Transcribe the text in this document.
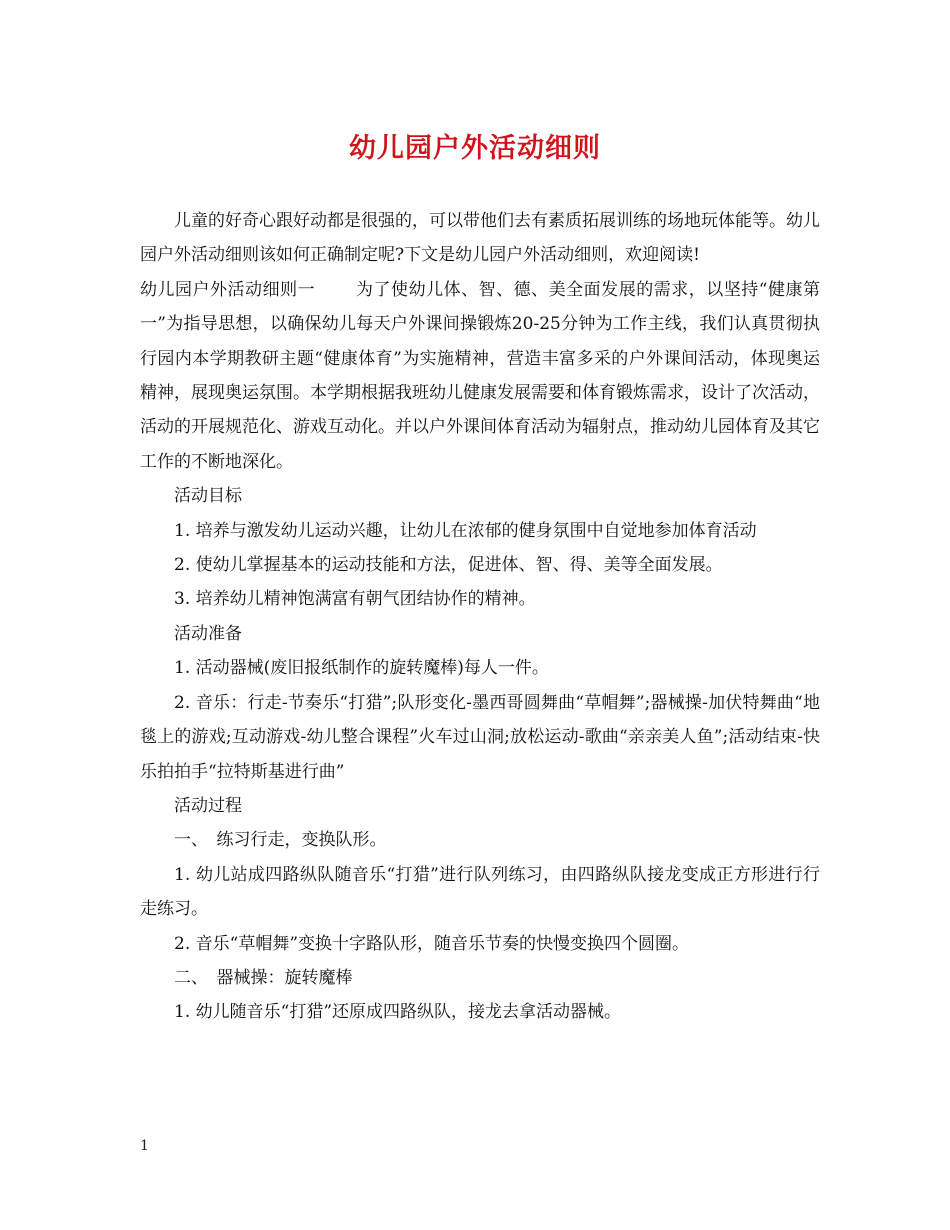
幼儿园户外活动细则

儿童的好奇心跟好动都是很强的，可以带他们去有素质拓展训练的场地玩体能等。幼儿园户外活动细则该如何正确制定呢?下文是幼儿园户外活动细则，欢迎阅读!

幼儿园户外活动细则一　　 为了使幼儿体、智、德、美全面发展的需求，以坚持“健康第一”为指导思想，以确保幼儿每天户外课间操锻炼20-25分钟为工作主线，我们认真贯彻执行园内本学期教研主题“健康体育”为实施精神，营造丰富多采的户外课间活动，体现奥运精神，展现奥运氛围。本学期根据我班幼儿健康发展需要和体育锻炼需求，设计了次活动，活动的开展规范化、游戏互动化。并以户外课间体育活动为辐射点，推动幼儿园体育及其它工作的不断地深化。

活动目标

1. 培养与激发幼儿运动兴趣，让幼儿在浓郁的健身氛围中自觉地参加体育活动

2. 使幼儿掌握基本的运动技能和方法，促进体、智、得、美等全面发展。

3. 培养幼儿精神饱满富有朝气团结协作的精神。

活动准备

1. 活动器械(废旧报纸制作的旋转魔棒)每人一件。

2. 音乐：行走-节奏乐“打猎”;队形变化-墨西哥圆舞曲“草帽舞”;器械操-加伏特舞曲“地毯上的游戏;互动游戏-幼儿整合课程”火车过山洞;放松运动-歌曲“亲亲美人鱼”;活动结束-快乐拍拍手“拉特斯基进行曲”

活动过程

一、　练习行走，变换队形。

1. 幼儿站成四路纵队随音乐“打猎”进行队列练习，由四路纵队接龙变成正方形进行行走练习。

2. 音乐“草帽舞”变换十字路队形，随音乐节奏的快慢变换四个圆圈。

二、　器械操：旋转魔棒

1. 幼儿随音乐“打猎”还原成四路纵队，接龙去拿活动器械。

1
